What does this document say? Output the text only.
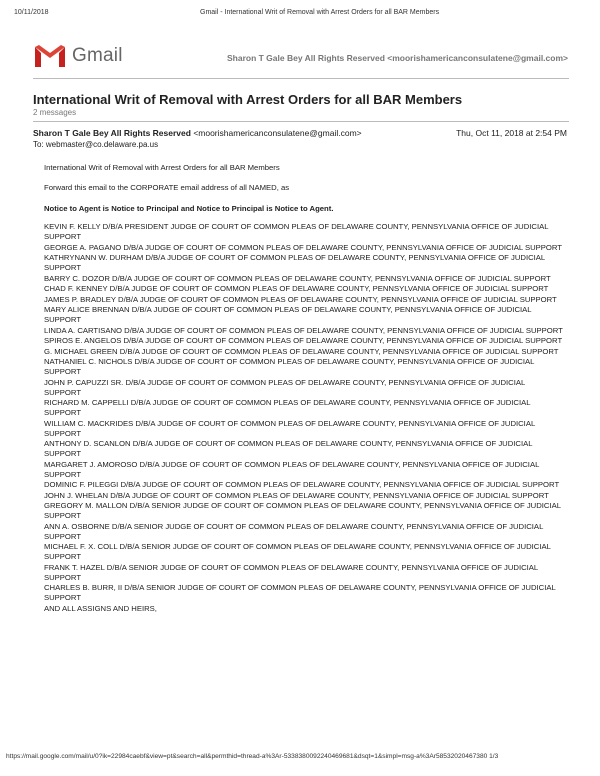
10/11/2018	Gmail - International Writ of Removal with Arrest Orders for all BAR Members
Gmail	Sharon T Gale Bey All Rights Reserved <moorishamericanconsulatene@gmail.com>
International Writ of Removal with Arrest Orders for all BAR Members
2 messages
Sharon T Gale Bey All Rights Reserved <moorishamericanconsulatene@gmail.com>	Thu, Oct 11, 2018 at 2:54 PM
To: webmaster@co.delaware.pa.us

International Writ of Removal with Arrest Orders for all BAR Members

Forward this email to the CORPORATE email address of all NAMED, as

Notice to Agent is Notice to Principal and Notice to Principal is Notice to Agent.

KEVIN F. KELLY D/B/A PRESIDENT JUDGE OF COURT OF COMMON PLEAS OF DELAWARE COUNTY, PENNSYLVANIA OFFICE OF JUDICIAL SUPPORT

GEORGE A. PAGANO D/B/A JUDGE OF COURT OF COMMON PLEAS OF DELAWARE COUNTY, PENNSYLVANIA OFFICE OF JUDICIAL SUPPORT

KATHRYNANN W. DURHAM D/B/A JUDGE OF COURT OF COMMON PLEAS OF DELAWARE COUNTY, PENNSYLVANIA OFFICE OF JUDICIAL SUPPORT

BARRY C. DOZOR D/B/A JUDGE OF COURT OF COMMON PLEAS OF DELAWARE COUNTY, PENNSYLVANIA OFFICE OF JUDICIAL SUPPORT

CHAD F. KENNEY D/B/A JUDGE OF COURT OF COMMON PLEAS OF DELAWARE COUNTY, PENNSYLVANIA OFFICE OF JUDICIAL SUPPORT

JAMES P. BRADLEY D/B/A JUDGE OF COURT OF COMMON PLEAS OF DELAWARE COUNTY, PENNSYLVANIA OFFICE OF JUDICIAL SUPPORT

MARY ALICE BRENNAN D/B/A JUDGE OF COURT OF COMMON PLEAS OF DELAWARE COUNTY, PENNSYLVANIA OFFICE OF JUDICIAL SUPPORT

LINDA A. CARTISANO D/B/A JUDGE OF COURT OF COMMON PLEAS OF DELAWARE COUNTY, PENNSYLVANIA OFFICE OF JUDICIAL SUPPORT

SPIROS E. ANGELOS D/B/A JUDGE OF COURT OF COMMON PLEAS OF DELAWARE COUNTY, PENNSYLVANIA OFFICE OF JUDICIAL SUPPORT

G. MICHAEL GREEN D/B/A JUDGE OF COURT OF COMMON PLEAS OF DELAWARE COUNTY, PENNSYLVANIA OFFICE OF JUDICIAL SUPPORT

NATHANIEL C. NICHOLS D/B/A JUDGE OF COURT OF COMMON PLEAS OF DELAWARE COUNTY, PENNSYLVANIA OFFICE OF JUDICIAL SUPPORT

JOHN P. CAPUZZI SR. D/B/A JUDGE OF COURT OF COMMON PLEAS OF DELAWARE COUNTY, PENNSYLVANIA OFFICE OF JUDICIAL SUPPORT

RICHARD M. CAPPELLI D/B/A JUDGE OF COURT OF COMMON PLEAS OF DELAWARE COUNTY, PENNSYLVANIA OFFICE OF JUDICIAL SUPPORT

WILLIAM C. MACKRIDES D/B/A JUDGE OF COURT OF COMMON PLEAS OF DELAWARE COUNTY, PENNSYLVANIA OFFICE OF JUDICIAL SUPPORT

ANTHONY D. SCANLON D/B/A JUDGE OF COURT OF COMMON PLEAS OF DELAWARE COUNTY, PENNSYLVANIA OFFICE OF JUDICIAL SUPPORT

MARGARET J. AMOROSO D/B/A JUDGE OF COURT OF COMMON PLEAS OF DELAWARE COUNTY, PENNSYLVANIA OFFICE OF JUDICIAL SUPPORT

DOMINIC F. PILEGGI D/B/A JUDGE OF COURT OF COMMON PLEAS OF DELAWARE COUNTY, PENNSYLVANIA OFFICE OF JUDICIAL SUPPORT

JOHN J. WHELAN D/B/A JUDGE OF COURT OF COMMON PLEAS OF DELAWARE COUNTY, PENNSYLVANIA OFFICE OF JUDICIAL SUPPORT

GREGORY M. MALLON D/B/A SENIOR JUDGE OF COURT OF COMMON PLEAS OF DELAWARE COUNTY, PENNSYLVANIA OFFICE OF JUDICIAL SUPPORT

ANN A. OSBORNE D/B/A SENIOR JUDGE OF COURT OF COMMON PLEAS OF DELAWARE COUNTY, PENNSYLVANIA OFFICE OF JUDICIAL SUPPORT

MICHAEL F. X. COLL D/B/A SENIOR JUDGE OF COURT OF COMMON PLEAS OF DELAWARE COUNTY, PENNSYLVANIA OFFICE OF JUDICIAL SUPPORT

FRANK T. HAZEL D/B/A SENIOR JUDGE OF COURT OF COMMON PLEAS OF DELAWARE COUNTY, PENNSYLVANIA OFFICE OF JUDICIAL SUPPORT

CHARLES B. BURR, II D/B/A SENIOR JUDGE OF COURT OF COMMON PLEAS OF DELAWARE COUNTY, PENNSYLVANIA OFFICE OF JUDICIAL SUPPORT

AND ALL ASSIGNS AND HEIRS,

https://mail.google.com/mail/u/0?ik=22984caebf&view=pt&search=all&permthid=thread-a%3Ar-5338380092240469681&dsqt=1&simpl=msg-a%3Ar58532020467380 1/3
